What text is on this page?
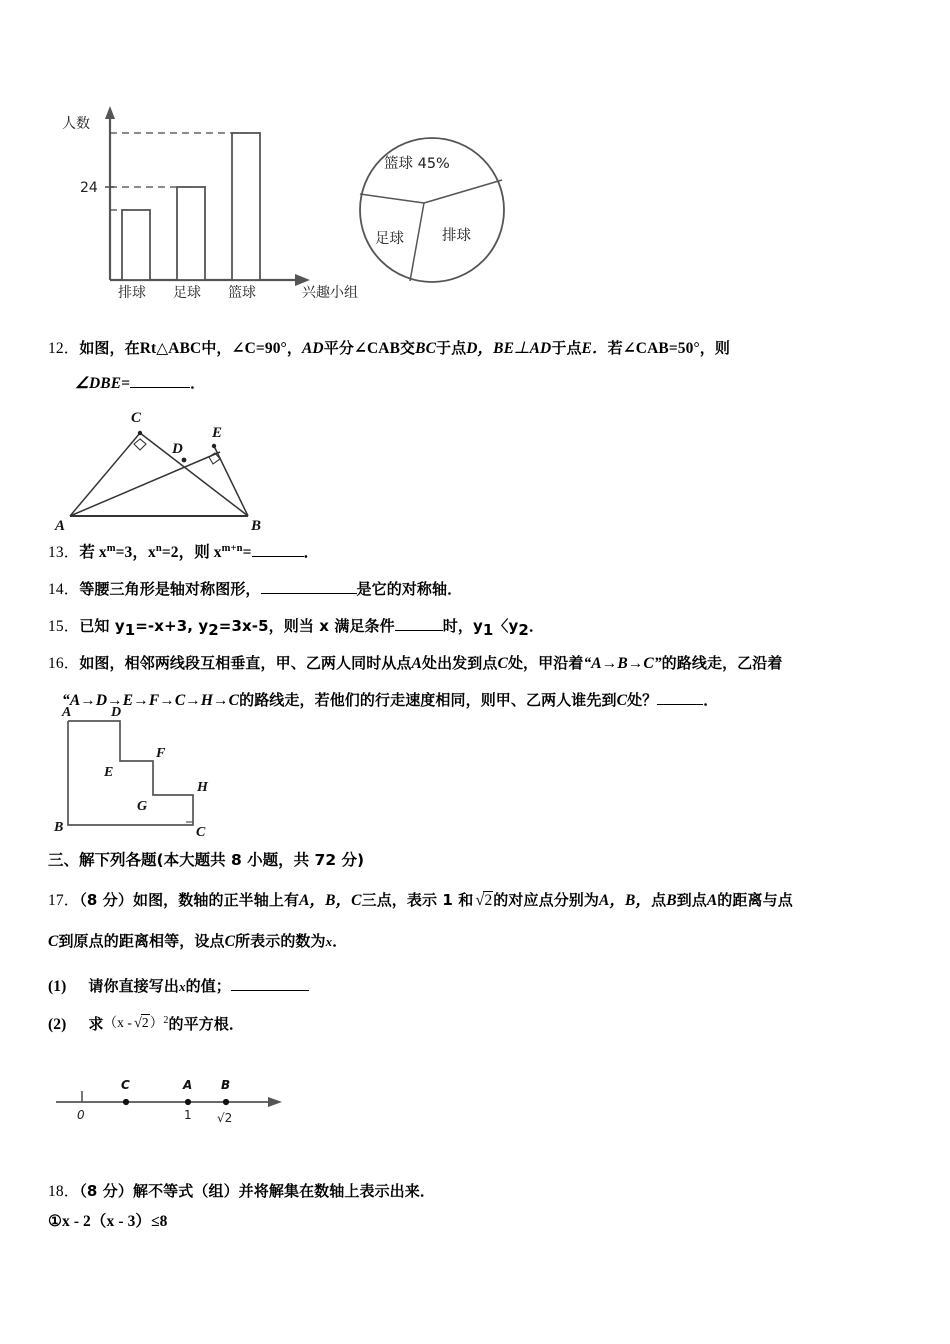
人数
兴趣小组
24
排球 足球 篮球
篮球 45%
足球	排球
12．如图，在Rt△ABC中，∠C=90°，AD平分∠CAB交BC于点D，BE⊥AD于点E．若∠CAB=50°，则
∠DBE=	．
C
D
E
A	B
13．若 $x^m=3$，$x^n=2$，则 $x^{m+n}=$	．
14．等腰三角形是轴对称图形，	是它的对称轴．
15．已知 $y_1=-x+3$, $y_2=3x-5$，则当 x 满足条件	时，$y_1$〈$y_2$．
16．如图，相邻两线段互相垂直，甲、乙两人同时从点A处出发到点C处，甲沿着“A→B→C”的路线走，乙沿着
“A→D→E→F→C→H→C的路线走，若他们的行走速度相同，则甲、乙两人谁先到C处？	．
A	D
E
F
G
H
B	C
三、解下列各题(本大题共 8 小题，共 72 分)
17．（8 分）如图，数轴的正半轴上有A，B，C三点，表示 1 和 √2的对应点分别为A，B，点B到点A的距离与点
C到原点的距离相等，设点C所表示的数为x．
(1) 请你直接写出x的值；
(2) 求（x - √2）$^2$的平方根．
0
C	A
1
B
√2
18．（8 分）解不等式（组）并将解集在数轴上表示出来．
①x - 2（x - 3）≤8
